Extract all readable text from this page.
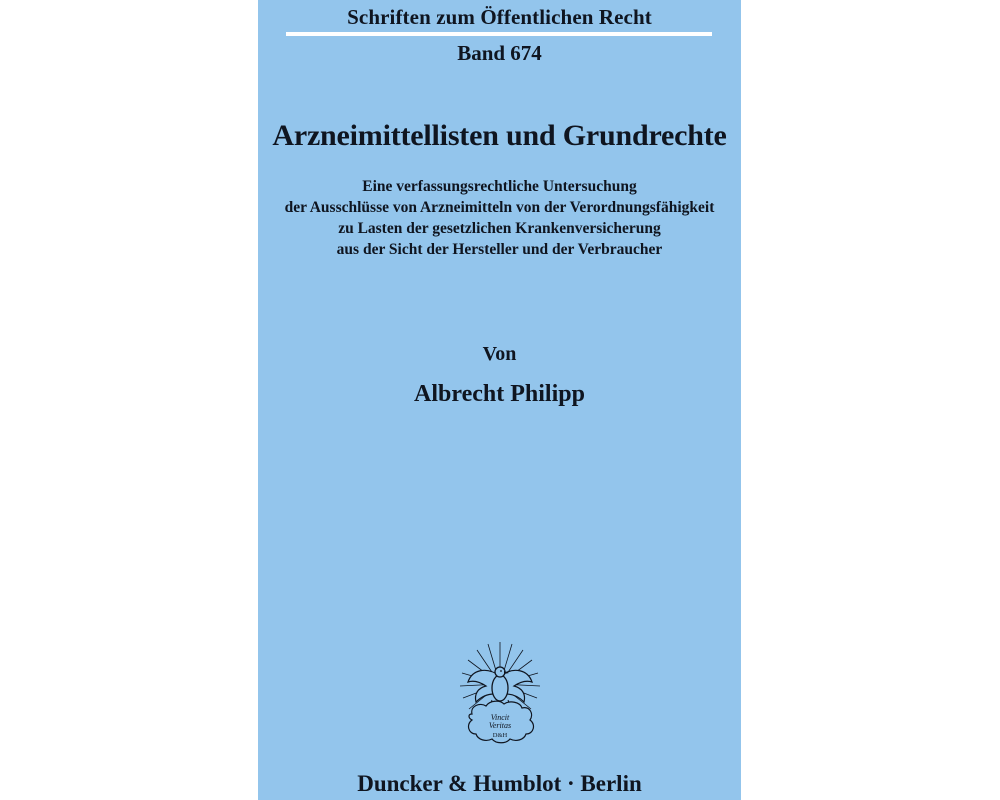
Schriften zum Öffentlichen Recht
Band 674
Arzneimittellisten und Grundrechte
Eine verfassungsrechtliche Untersuchung
der Ausschlüsse von Arzneimitteln von der Verordnungsfähigkeit
zu Lasten der gesetzlichen Krankenversicherung
aus der Sicht der Hersteller und der Verbraucher
Von
Albrecht Philipp
Vincit
Veritas
D&H
Duncker & Humblot · Berlin
